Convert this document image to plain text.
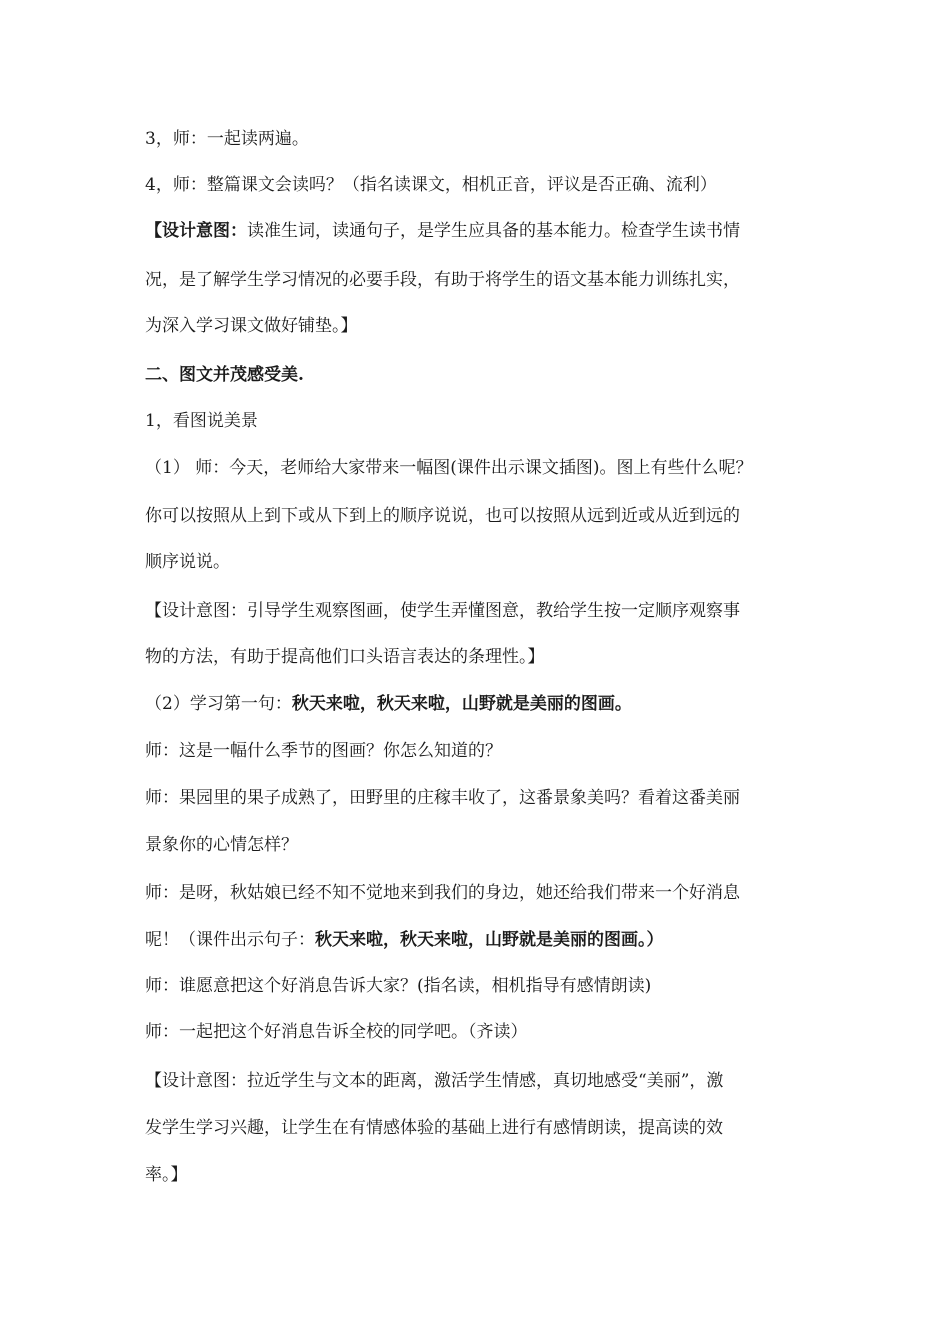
3，师：一起读两遍。
4，师：整篇课文会读吗？（指名读课文，相机正音，评议是否正确、流利）
【设计意图：读准生词，读通句子，是学生应具备的基本能力。检查学生读书情
况，是了解学生学习情况的必要手段，有助于将学生的语文基本能力训练扎实，
为深入学习课文做好铺垫。】
二、图文并茂感受美.
1，看图说美景
（1） 师：今天，老师给大家带来一幅图(课件出示课文插图)。图上有些什么呢？
你可以按照从上到下或从下到上的顺序说说，也可以按照从远到近或从近到远的
顺序说说。
【设计意图：引导学生观察图画，使学生弄懂图意，教给学生按一定顺序观察事
物的方法，有助于提高他们口头语言表达的条理性。】
（2）学习第一句：秋天来啦，秋天来啦，山野就是美丽的图画。
师：这是一幅什么季节的图画？你怎么知道的？
师：果园里的果子成熟了，田野里的庄稼丰收了，这番景象美吗？看着这番美丽
景象你的心情怎样？
师：是呀，秋姑娘已经不知不觉地来到我们的身边，她还给我们带来一个好消息
呢！（课件出示句子：秋天来啦，秋天来啦，山野就是美丽的图画。）
师：谁愿意把这个好消息告诉大家？(指名读，相机指导有感情朗读)
师：一起把这个好消息告诉全校的同学吧。（齐读）
【设计意图：拉近学生与文本的距离，激活学生情感，真切地感受“美丽”，激
发学生学习兴趣，让学生在有情感体验的基础上进行有感情朗读，提高读的效
率。】
